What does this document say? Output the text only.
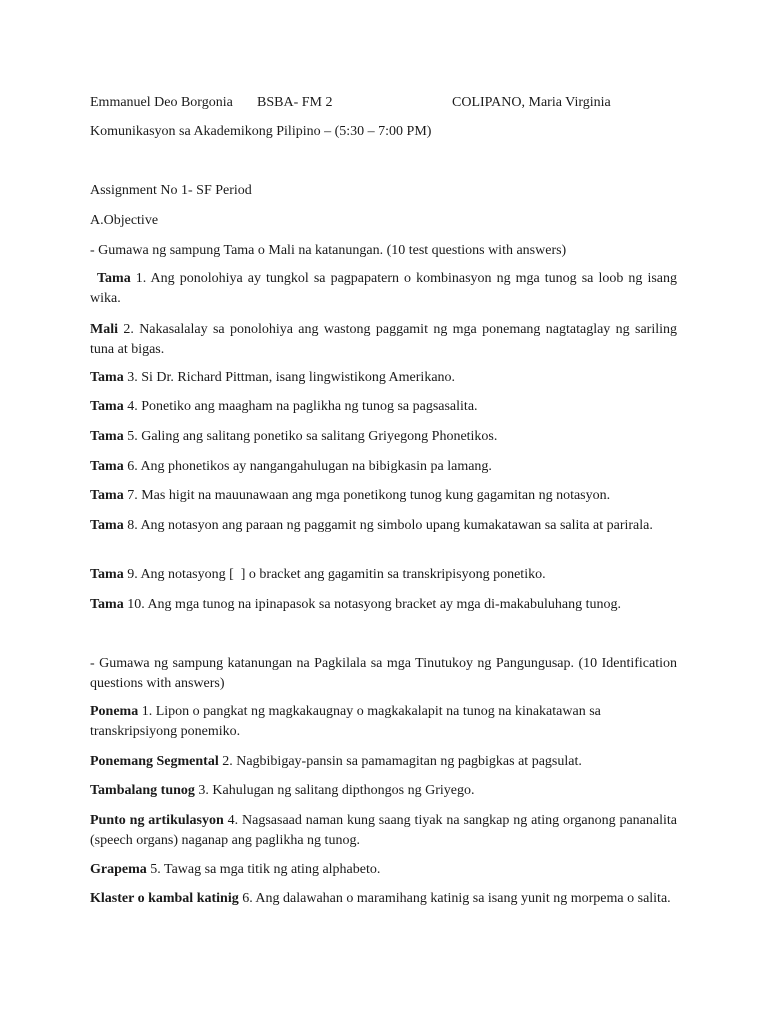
Emmanuel Deo Borgonia BSBA- FM 2	COLIPANO, Maria Virginia

Komunikasyon sa Akademikong Pilipino – (5:30 – 7:00 PM)

Assignment No 1- SF Period

A.Objective

- Gumawa ng sampung Tama o Mali na katanungan. (10 test questions with answers)

Tama 1. Ang ponolohiya ay tungkol sa pagpapatern o kombinasyon ng mga tunog sa loob ng isang wika.

Mali 2. Nakasalalay sa ponolohiya ang wastong paggamit ng mga ponemang nagtataglay ng sariling tuna at bigas.

Tama 3. Si Dr. Richard Pittman, isang lingwistikong Amerikano.

Tama 4. Ponetiko ang maagham na paglikha ng tunog sa pagsasalita.

Tama 5. Galing ang salitang ponetiko sa salitang Griyegong Phonetikos.

Tama 6. Ang phonetikos ay nangangahulugan na bibigkasin pa lamang.

Tama 7. Mas higit na mauunawaan ang mga ponetikong tunog kung gagamitan ng notasyon.

Tama 8. Ang notasyon ang paraan ng paggamit ng simbolo upang kumakatawan sa salita at parirala.

Tama 9. Ang notasyong [  ] o bracket ang gagamitin sa transkripisyong ponetiko.

Tama 10. Ang mga tunog na ipinapasok sa notasyong bracket ay mga di-makabuluhang tunog.

- Gumawa ng sampung katanungan na Pagkilala sa mga Tinutukoy ng Pangungusap. (10 Identification questions with answers)

Ponema 1. Lipon o pangkat ng magkakaugnay o magkakalapit na tunog na kinakatawan sa transkripsiyong ponemiko.

Ponemang Segmental 2. Nagbibigay-pansin sa pamamagitan ng pagbigkas at pagsulat.

Tambalang tunog 3. Kahulugan ng salitang dipthongos ng Griyego.

Punto ng artikulasyon 4. Nagsasaad naman kung saang tiyak na sangkap ng ating organong pananalita (speech organs) naganap ang paglikha ng tunog.

Grapema 5. Tawag sa mga titik ng ating alphabeto.

Klaster o kambal katinig 6. Ang dalawahan o maramihang katinig sa isang yunit ng morpema o salita.
